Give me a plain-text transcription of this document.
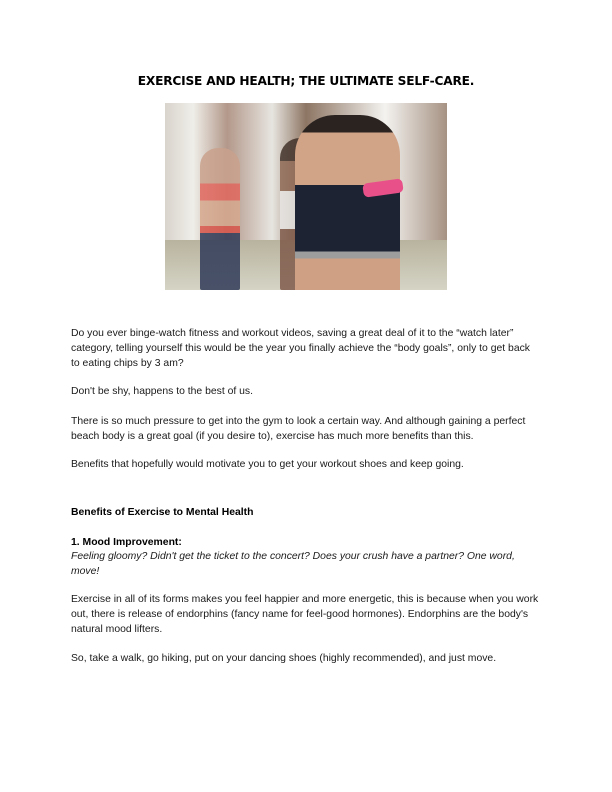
EXERCISE AND HEALTH; THE ULTIMATE SELF-CARE.

Do you ever binge-watch fitness and workout videos, saving a great deal of it to the “watch later” category, telling yourself this would be the year you finally achieve the “body goals”, only to get back to eating chips by 3 am?

Don't be shy, happens to the best of us.

There is so much pressure to get into the gym to look a certain way. And although gaining a perfect beach body is a great goal (if you desire to), exercise has much more benefits than this.

Benefits that hopefully would motivate you to get your workout shoes and keep going.

Benefits of Exercise to Mental Health

1. Mood Improvement:

Feeling gloomy? Didn't get the ticket to the concert? Does your crush have a partner? One word, move!

Exercise in all of its forms makes you feel happier and more energetic, this is because when you work out, there is release of endorphins (fancy name for feel-good hormones). Endorphins are the body's natural mood lifters.

So, take a walk, go hiking, put on your dancing shoes (highly recommended), and just move.
